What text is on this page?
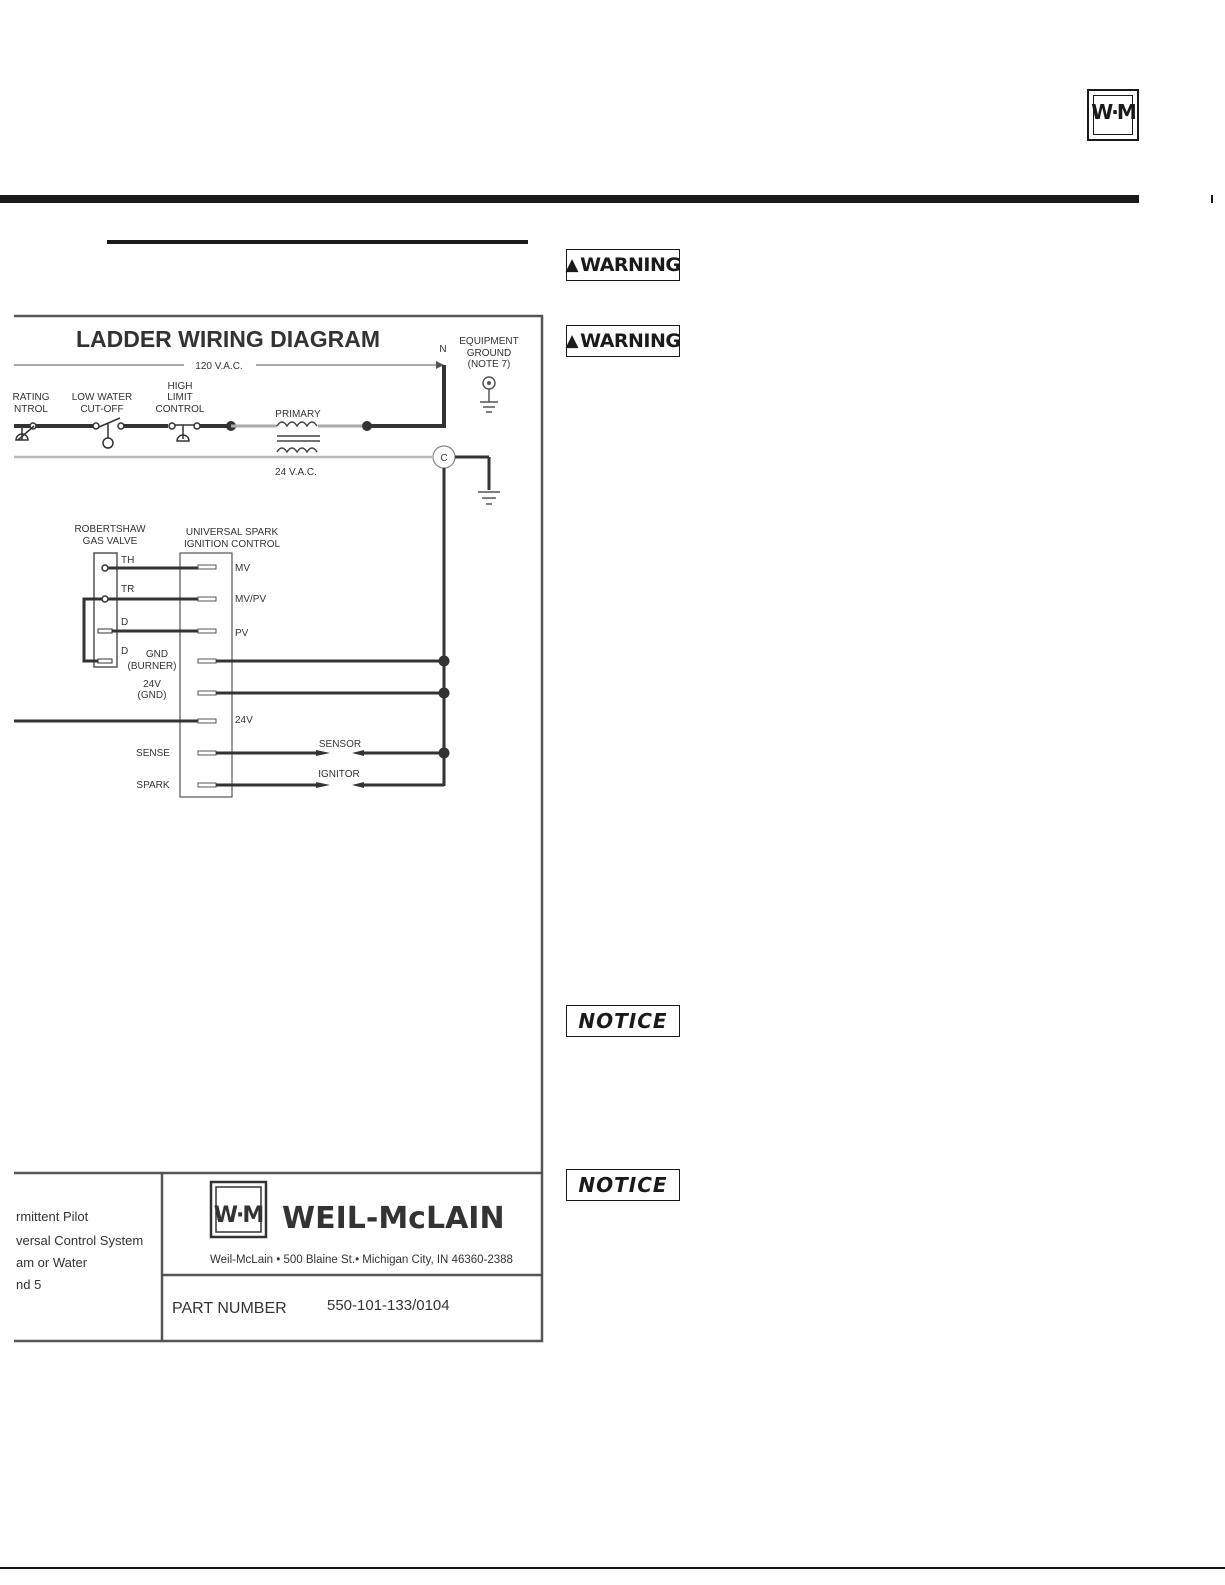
W·M
▲ WARNING
▲ WARNING
NOTICE
NOTICE
LADDER WIRING DIAGRAM
120 V.A.C.
N
EQUIPMENT
GROUND
(NOTE 7)
RATING
NTROL
LOW WATER
CUT-OFF
HIGH
LIMIT
CONTROL	PRIMARY
24 V.A.C.
C
ROBERTSHAW
GAS VALVE
TH
TR
D
D
UNIVERSAL SPARK
IGNITION CONTROL
MV
MV/PV
PV
24V
GND
(BURNER)
24V
(GND)
SENSE
SPARK
SENSOR
IGNITOR
rmittent Pilot
versal Control System
am or Water
nd 5
W·M WEIL-McLAIN
Weil-McLain • 500 Blaine St.• Michigan City, IN 46360-2388
PART NUMBER	550-101-133/0104
